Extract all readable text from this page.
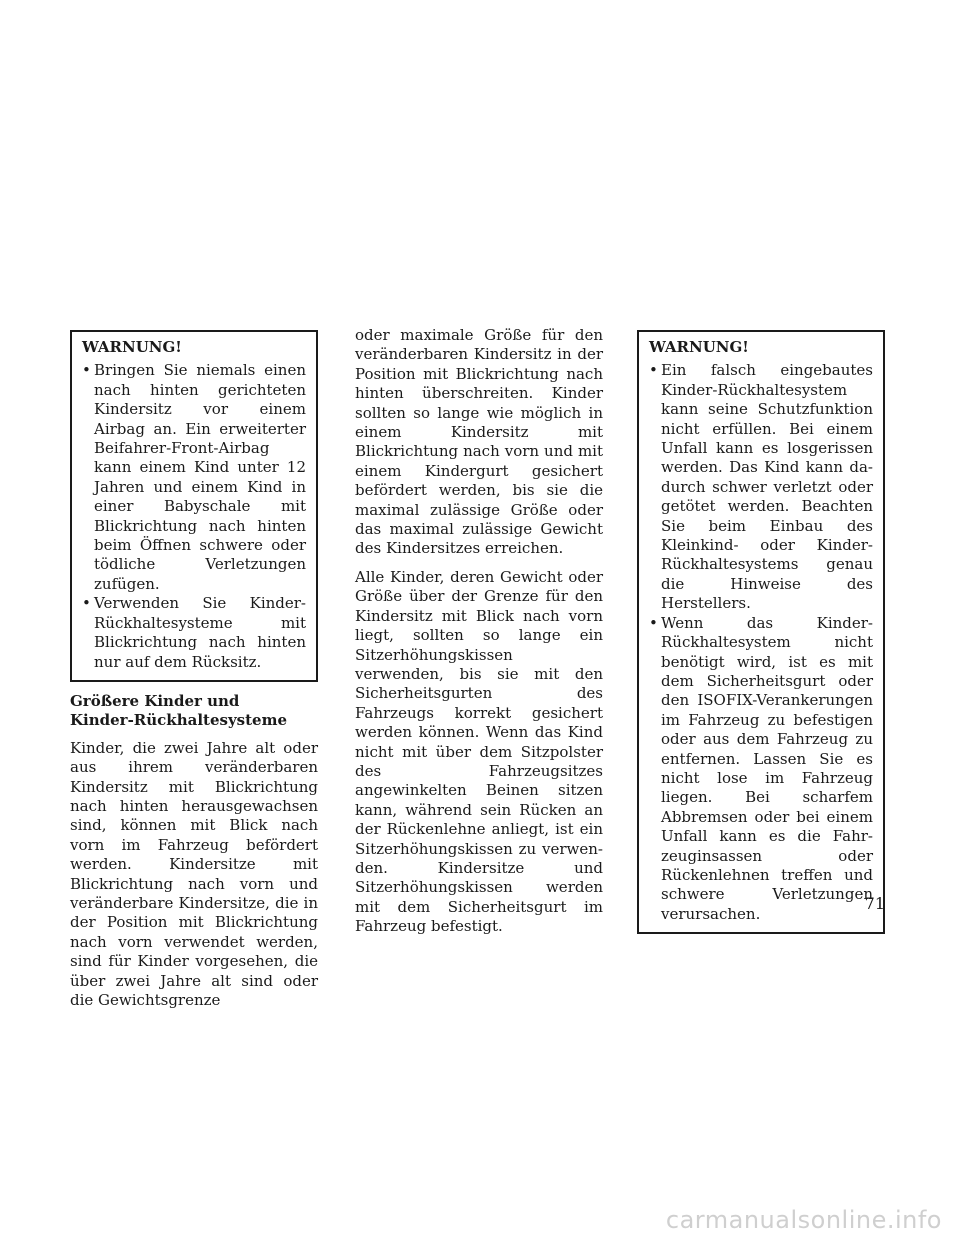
WARNUNG!
• Bringen Sie niemals einen nach hinten gerichteten Kindersitz vor einem Airbag an. Ein erweiterter Beifahrer-Front-Airbag kann einem Kind unter 12 Jahren und einem Kind in einer Babyschale mit Blickrichtung nach hinten beim Öffnen schwere oder tödliche Verletzungen zufügen.
• Verwenden Sie Kinder-Rückhaltesysteme mit Blickrichtung nach hinten nur auf dem Rücksitz.
Größere Kinder und
Kinder-Rückhaltesysteme

Kinder, die zwei Jahre alt oder aus ihrem veränderbaren Kindersitz mit Blickrichtung nach hinten herausgewachsen sind, können mit Blick nach vorn im Fahrzeug befördert werden. Kindersitze mit Blickrichtung nach vorn und veränderbare Kindersitze, die in der Position mit Blickrichtung nach vorn verwendet werden, sind für Kinder vorgesehen, die über zwei Jahre alt sind oder die Gewichtsgrenze

oder maximale Größe für den veränderbaren Kindersitz in der Position mit Blickrichtung nach hinten überschreiten. Kinder sollten so lange wie möglich in einem Kindersitz mit Blickrichtung nach vorn und mit einem Kindergurt gesichert befördert werden, bis sie die maximal zulässige Größe oder das maximal zulässige Gewicht des Kindersitzes erreichen.

Alle Kinder, deren Gewicht oder Größe über der Grenze für den Kindersitz mit Blick nach vorn liegt, sollten so lange ein Sitzerhöhungskissen verwenden, bis sie mit den Sicherheitsgurten des Fahrzeugs korrekt gesichert werden können. Wenn das Kind nicht mit über dem Sitzpolster des Fahrzeugsitzes angewinkelten Beinen sitzen kann, während sein Rücken an der Rückenlehne anliegt, ist ein Sitzerhöhungskissen zu verwenden. Kindersitze und Sitzerhöhungskissen werden mit dem Sicherheitsgurt im Fahrzeug befestigt.

WARNUNG!
• Ein falsch eingebautes Kinder-Rückhaltesystem kann seine Schutzfunktion nicht erfüllen. Bei einem Unfall kann es losgerissen werden. Das Kind kann dadurch schwer verletzt oder getötet werden. Beachten Sie beim Einbau des Kleinkind- oder Kinder-Rückhaltesystems genau die Hinweise des Herstellers.
• Wenn das Kinder-Rückhaltesystem nicht benötigt wird, ist es mit dem Sicherheitsgurt oder den ISOFIX-Verankerungen im Fahrzeug zu befestigen oder aus dem Fahrzeug zu entfernen. Lassen Sie es nicht lose im Fahrzeug liegen. Bei scharfem Abbremsen oder bei einem Unfall kann es die Fahrzeuginsassen oder Rückenlehnen treffen und schwere Verletzungen verursachen.
71
carmanualsonline.info
